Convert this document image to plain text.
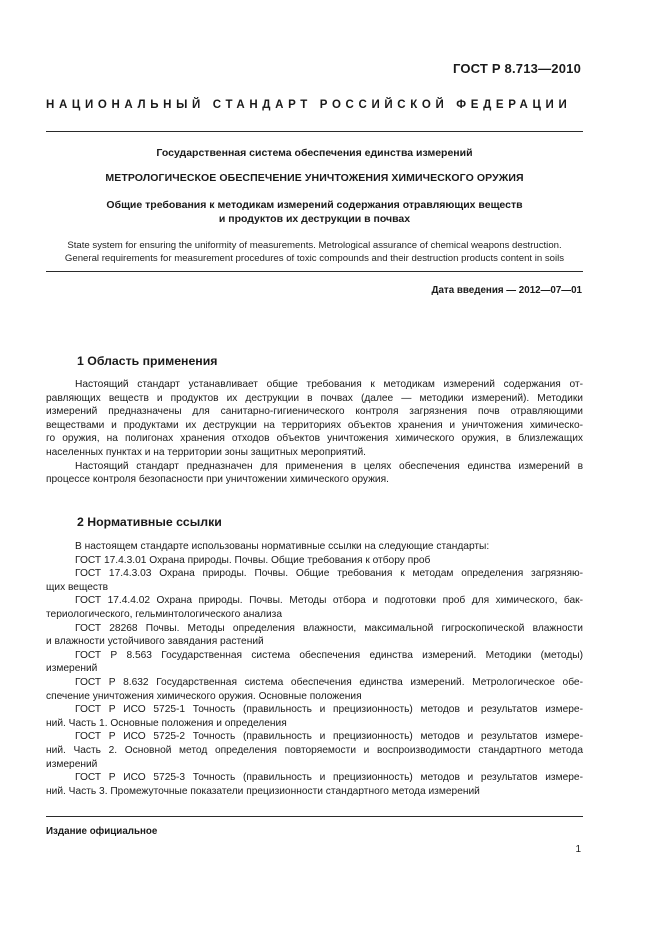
ГОСТ Р 8.713—2010
НАЦИОНАЛЬНЫЙ СТАНДАРТ РОССИЙСКОЙ ФЕДЕРАЦИИ
Государственная система обеспечения единства измерений
МЕТРОЛОГИЧЕСКОЕ ОБЕСПЕЧЕНИЕ УНИЧТОЖЕНИЯ ХИМИЧЕСКОГО ОРУЖИЯ
Общие требования к методикам измерений содержания отравляющих веществ
и продуктов их деструкции в почвах
State system for ensuring the uniformity of measurements. Metrological assurance of chemical weapons destruction.
General requirements for measurement procedures of toxic compounds and their destruction products content in soils
Дата введения — 2012—07—01
1 Область применения
Настоящий стандарт устанавливает общие требования к методикам измерений содержания от-
равляющих веществ и продуктов их деструкции в почвах (далее — методики измерений). Методики
измерений предназначены для санитарно-гигиенического контроля загрязнения почв отравляющими
веществами и продуктами их деструкции на территориях объектов хранения и уничтожения химическо-
го оружия, на полигонах хранения отходов объектов уничтожения химического оружия, в близлежащих
населенных пунктах и на территории зоны защитных мероприятий.
Настоящий стандарт предназначен для применения в целях обеспечения единства измерений в
процессе контроля безопасности при уничтожении химического оружия.
2 Нормативные ссылки
В настоящем стандарте использованы нормативные ссылки на следующие стандарты:
ГОСТ 17.4.3.01 Охрана природы. Почвы. Общие требования к отбору проб
ГОСТ 17.4.3.03 Охрана природы. Почвы. Общие требования к методам определения загрязняю-
щих веществ
ГОСТ 17.4.4.02 Охрана природы. Почвы. Методы отбора и подготовки проб для химического, бак-
териологического, гельминтологического анализа
ГОСТ 28268 Почвы. Методы определения влажности, максимальной гигроскопической влажности
и влажности устойчивого завядания растений
ГОСТ Р 8.563 Государственная система обеспечения единства измерений. Методики (методы)
измерений
ГОСТ Р 8.632 Государственная система обеспечения единства измерений. Метрологическое обе-
спечение уничтожения химического оружия. Основные положения
ГОСТ Р ИСО 5725-1 Точность (правильность и прецизионность) методов и результатов измере-
ний. Часть 1. Основные положения и определения
ГОСТ Р ИСО 5725-2 Точность (правильность и прецизионность) методов и результатов измере-
ний. Часть 2. Основной метод определения повторяемости и воспроизводимости стандартного метода
измерений
ГОСТ Р ИСО 5725-3 Точность (правильность и прецизионность) методов и результатов измере-
ний. Часть 3. Промежуточные показатели прецизионности стандартного метода измерений
Издание официальное
1
